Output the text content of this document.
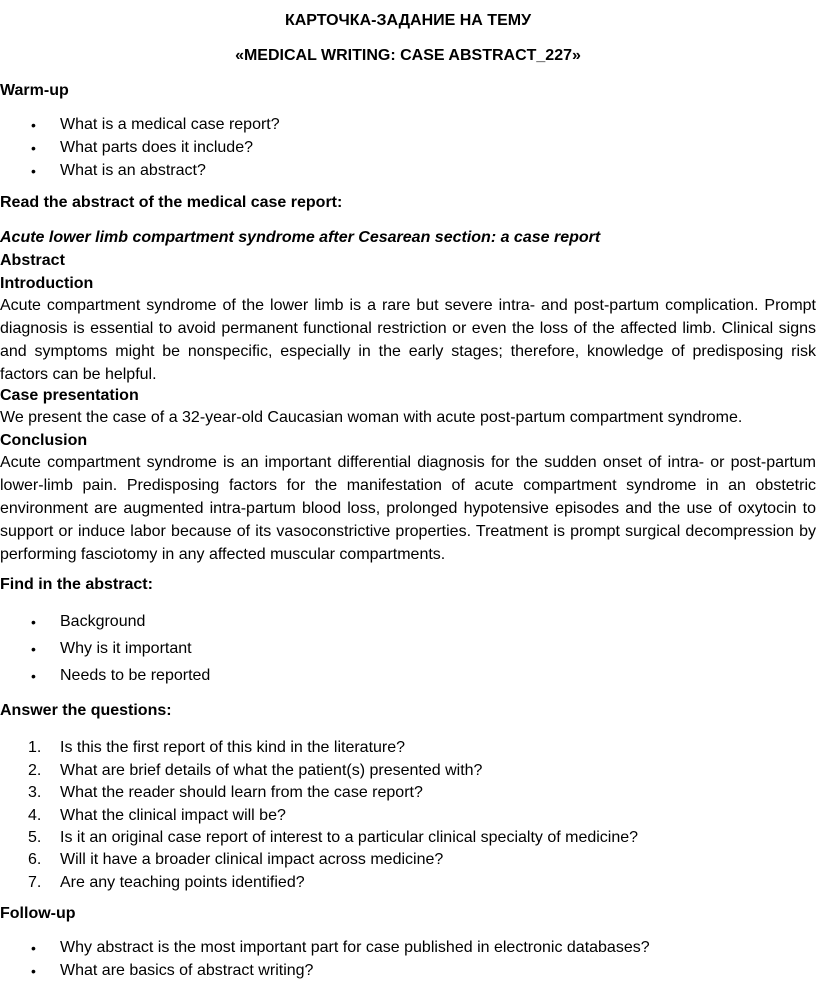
КАРТОЧКА-ЗАДАНИЕ НА ТЕМУ
«MEDICAL WRITING: CASE ABSTRACT_227»
Warm-up
• What is a medical case report?
• What parts does it include?
• What is an abstract?
Read the abstract of the medical case report:
Acute lower limb compartment syndrome after Cesarean section: a case report
Abstract
Introduction
Acute compartment syndrome of the lower limb is a rare but severe intra- and post-partum complication. Prompt diagnosis is essential to avoid permanent functional restriction or even the loss of the affected limb. Clinical signs and symptoms might be nonspecific, especially in the early stages; therefore, knowledge of predisposing risk factors can be helpful.
Case presentation
We present the case of a 32-year-old Caucasian woman with acute post-partum compartment syndrome.
Conclusion
Acute compartment syndrome is an important differential diagnosis for the sudden onset of intra- or post-partum lower-limb pain. Predisposing factors for the manifestation of acute compartment syndrome in an obstetric environment are augmented intra-partum blood loss, prolonged hypotensive episodes and the use of oxytocin to support or induce labor because of its vasoconstrictive properties. Treatment is prompt surgical decompression by performing fasciotomy in any affected muscular compartments.
Find in the abstract:
• Background
• Why is it important
• Needs to be reported
Answer the questions:
1. Is this the first report of this kind in the literature?
2. What are brief details of what the patient(s) presented with?
3. What the reader should learn from the case report?
4. What the clinical impact will be?
5. Is it an original case report of interest to a particular clinical specialty of medicine?
6. Will it have a broader clinical impact across medicine?
7. Are any teaching points identified?
Follow-up
• Why abstract is the most important part for case published in electronic databases?
• What are basics of abstract writing?
